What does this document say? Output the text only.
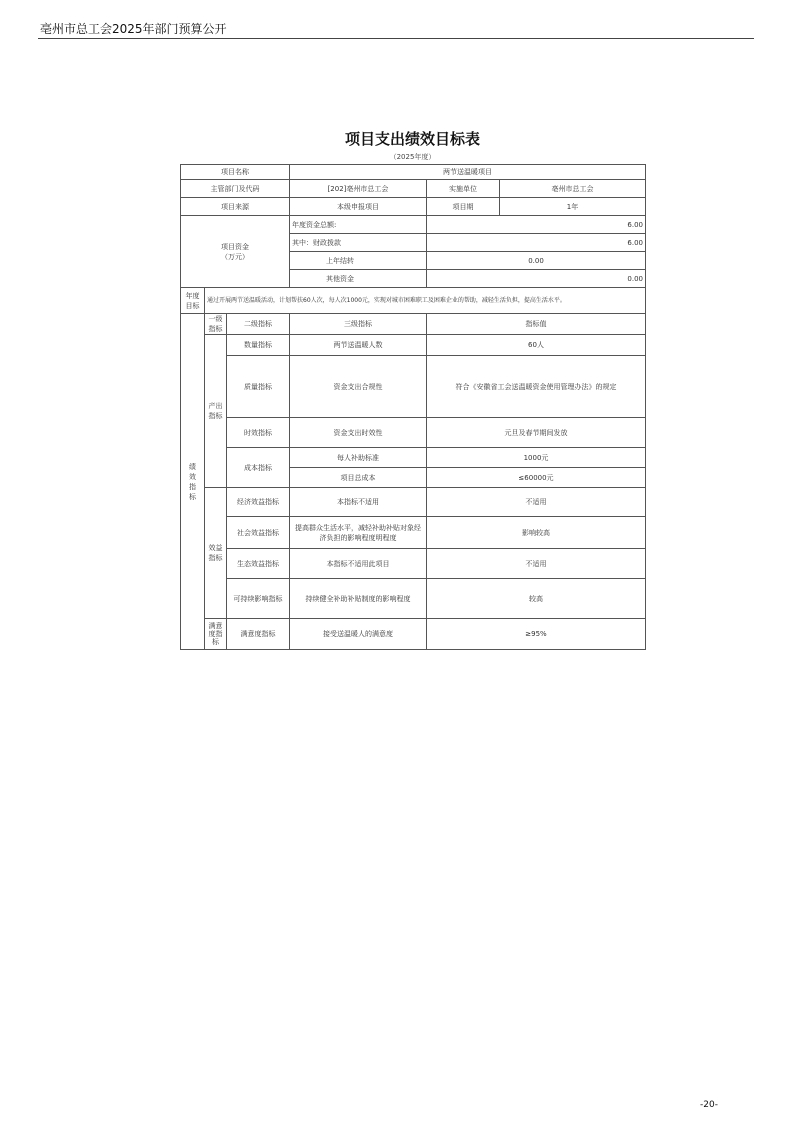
亳州市总工会2025年部门预算公开
项目支出绩效目标表
（2025年度）
项目名称			两节送温暖项目		
主管部门及代码			[202]亳州市总工会	实施单位	亳州市总工会
项目来源			本级申报项目	项目期	1年
项目资金
（万元）			年度资金总额:	6.00	
			其中：财政拨款	6.00	
			上年结转	0.00	
			其他资金	0.00	
年度
目标	通过开展两节送温暖活动，计划帮扶60人次，每人次1000元，实现对城市困难职工及困难企业的帮助，减轻生活负担，提高生活水平。				
绩
效
指
标	一级
指标	二级指标	三级指标	指标值	
	产出
指标	数量指标	两节送温暖人数	60人	
		质量指标	资金支出合规性	符合《安徽省工会送温暖资金使用管理办法》的规定	
		时效指标	资金支出时效性	元旦及春节期间发放	
		成本指标	每人补助标准	1000元	
			项目总成本	≤60000元	
	效益
指标	经济效益指标	本指标不适用	不适用	
		社会效益指标	提高群众生活水平，减轻补助补贴对象经济负担的影响程度明程度	影响较高	
		生态效益指标	本指标不适用此项目	不适用	
		可持续影响指标	持续健全补助补贴制度的影响程度	较高	
	满意
度指
标	满意度指标	接受送温暖人的满意度	≥95%	
-20-
